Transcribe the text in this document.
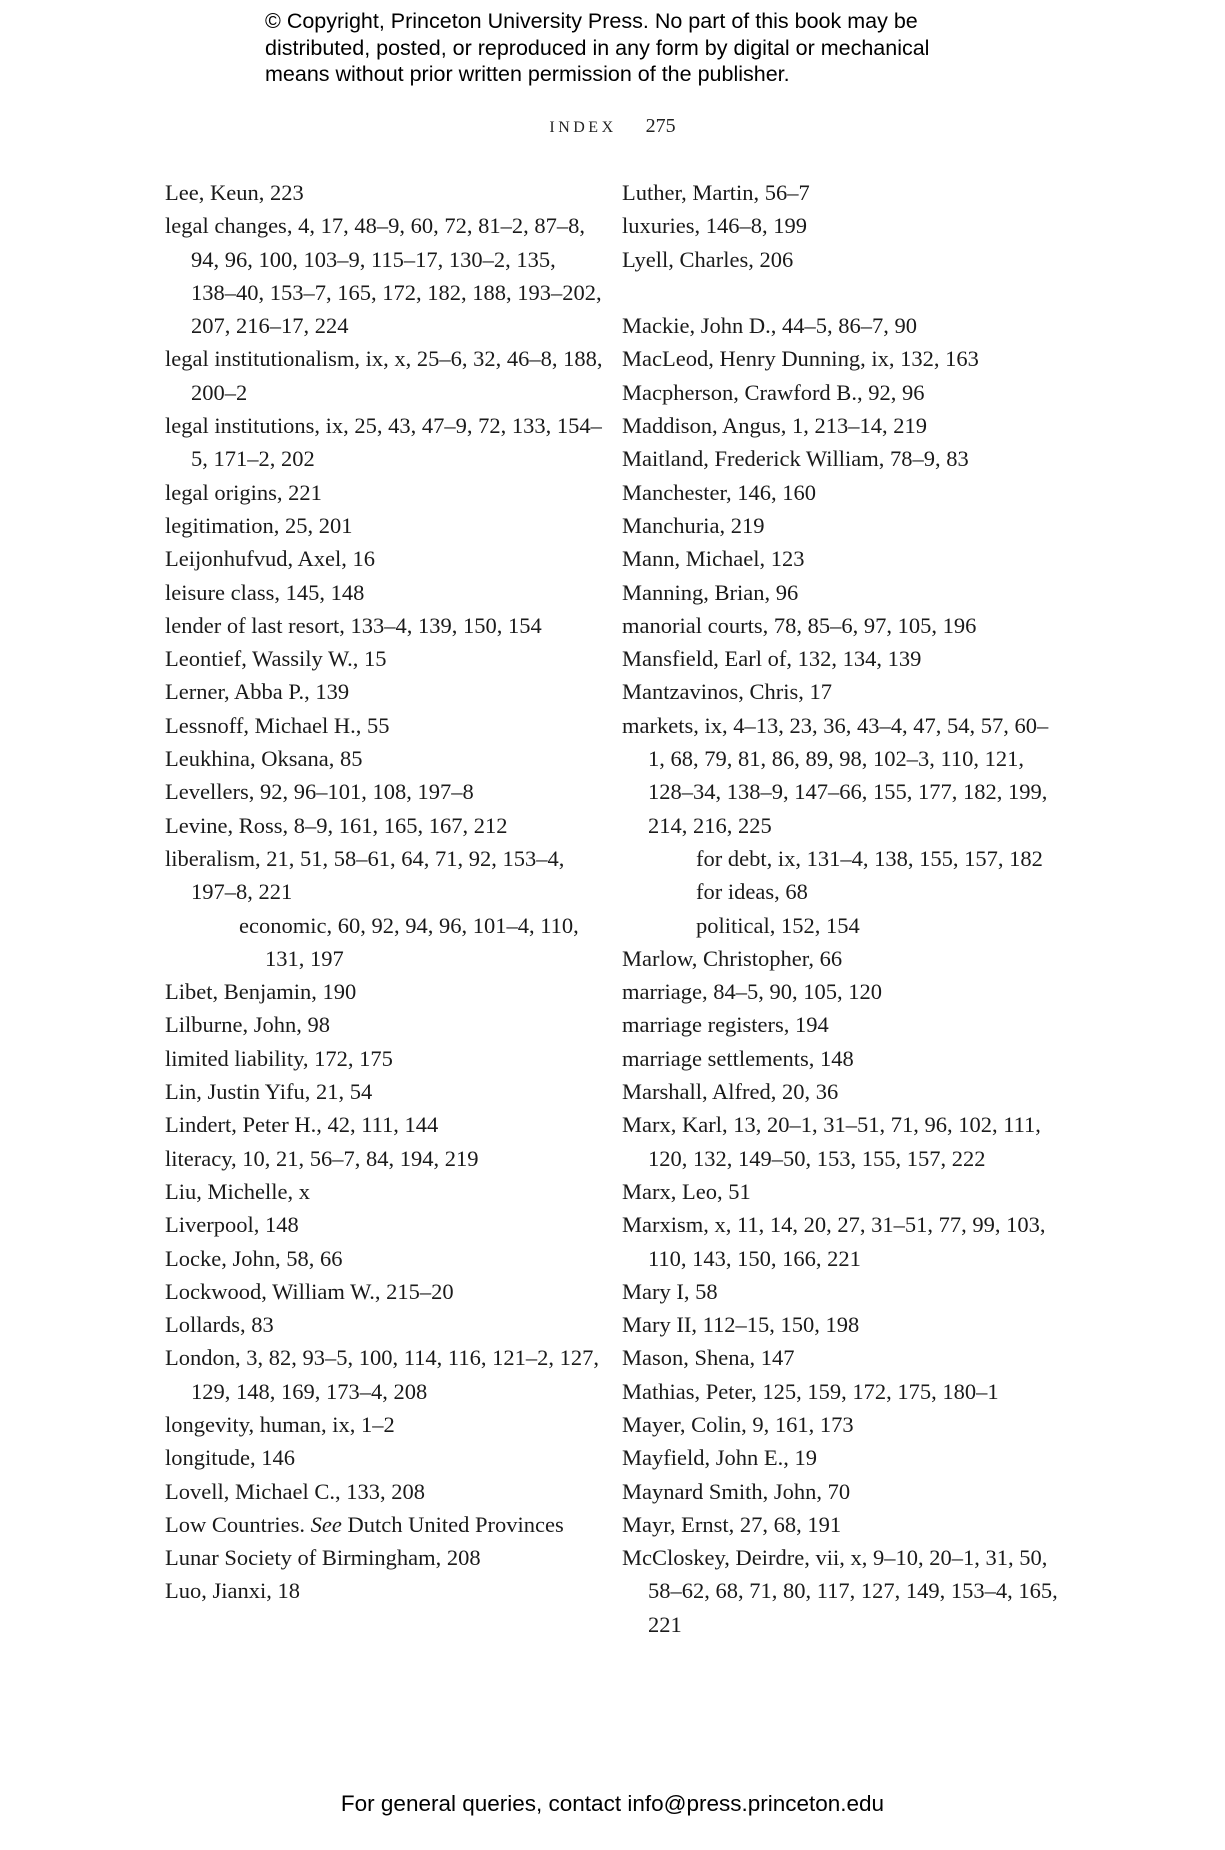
© Copyright, Princeton University Press. No part of this book may be
distributed, posted, or reproduced in any form by digital or mechanical
means without prior written permission of the publisher.
INDEX 275
Lee, Keun, 223
legal changes, 4, 17, 48–9, 60, 72, 81–2, 87–8, 94, 96, 100, 103–9, 115–17, 130–2, 135, 138–40, 153–7, 165, 172, 182, 188, 193–202, 207, 216–17, 224
legal institutionalism, ix, x, 25–6, 32, 46–8, 188, 200–2
legal institutions, ix, 25, 43, 47–9, 72, 133, 154–5, 171–2, 202
legal origins, 221
legitimation, 25, 201
Leijonhufvud, Axel, 16
leisure class, 145, 148
lender of last resort, 133–4, 139, 150, 154
Leontief, Wassily W., 15
Lerner, Abba P., 139
Lessnoff, Michael H., 55
Leukhina, Oksana, 85
Levellers, 92, 96–101, 108, 197–8
Levine, Ross, 8–9, 161, 165, 167, 212
liberalism, 21, 51, 58–61, 64, 71, 92, 153–4, 197–8, 221
economic, 60, 92, 94, 96, 101–4, 110, 131, 197
Libet, Benjamin, 190
Lilburne, John, 98
limited liability, 172, 175
Lin, Justin Yifu, 21, 54
Lindert, Peter H., 42, 111, 144
literacy, 10, 21, 56–7, 84, 194, 219
Liu, Michelle, x
Liverpool, 148
Locke, John, 58, 66
Lockwood, William W., 215–20
Lollards, 83
London, 3, 82, 93–5, 100, 114, 116, 121–2, 127, 129, 148, 169, 173–4, 208
longevity, human, ix, 1–2
longitude, 146
Lovell, Michael C., 133, 208
Low Countries. See Dutch United Provinces
Lunar Society of Birmingham, 208
Luo, Jianxi, 18
Luther, Martin, 56–7
luxuries, 146–8, 199
Lyell, Charles, 206
Mackie, John D., 44–5, 86–7, 90
MacLeod, Henry Dunning, ix, 132, 163
Macpherson, Crawford B., 92, 96
Maddison, Angus, 1, 213–14, 219
Maitland, Frederick William, 78–9, 83
Manchester, 146, 160
Manchuria, 219
Mann, Michael, 123
Manning, Brian, 96
manorial courts, 78, 85–6, 97, 105, 196
Mansfield, Earl of, 132, 134, 139
Mantzavinos, Chris, 17
markets, ix, 4–13, 23, 36, 43–4, 47, 54, 57, 60–1, 68, 79, 81, 86, 89, 98, 102–3, 110, 121, 128–34, 138–9, 147–66, 155, 177, 182, 199, 214, 216, 225
for debt, ix, 131–4, 138, 155, 157, 182
for ideas, 68
political, 152, 154
Marlow, Christopher, 66
marriage, 84–5, 90, 105, 120
marriage registers, 194
marriage settlements, 148
Marshall, Alfred, 20, 36
Marx, Karl, 13, 20–1, 31–51, 71, 96, 102, 111, 120, 132, 149–50, 153, 155, 157, 222
Marx, Leo, 51
Marxism, x, 11, 14, 20, 27, 31–51, 77, 99, 103, 110, 143, 150, 166, 221
Mary I, 58
Mary II, 112–15, 150, 198
Mason, Shena, 147
Mathias, Peter, 125, 159, 172, 175, 180–1
Mayer, Colin, 9, 161, 173
Mayfield, John E., 19
Maynard Smith, John, 70
Mayr, Ernst, 27, 68, 191
McCloskey, Deirdre, vii, x, 9–10, 20–1, 31, 50, 58–62, 68, 71, 80, 117, 127, 149, 153–4, 165, 221
For general queries, contact info@press.princeton.edu
